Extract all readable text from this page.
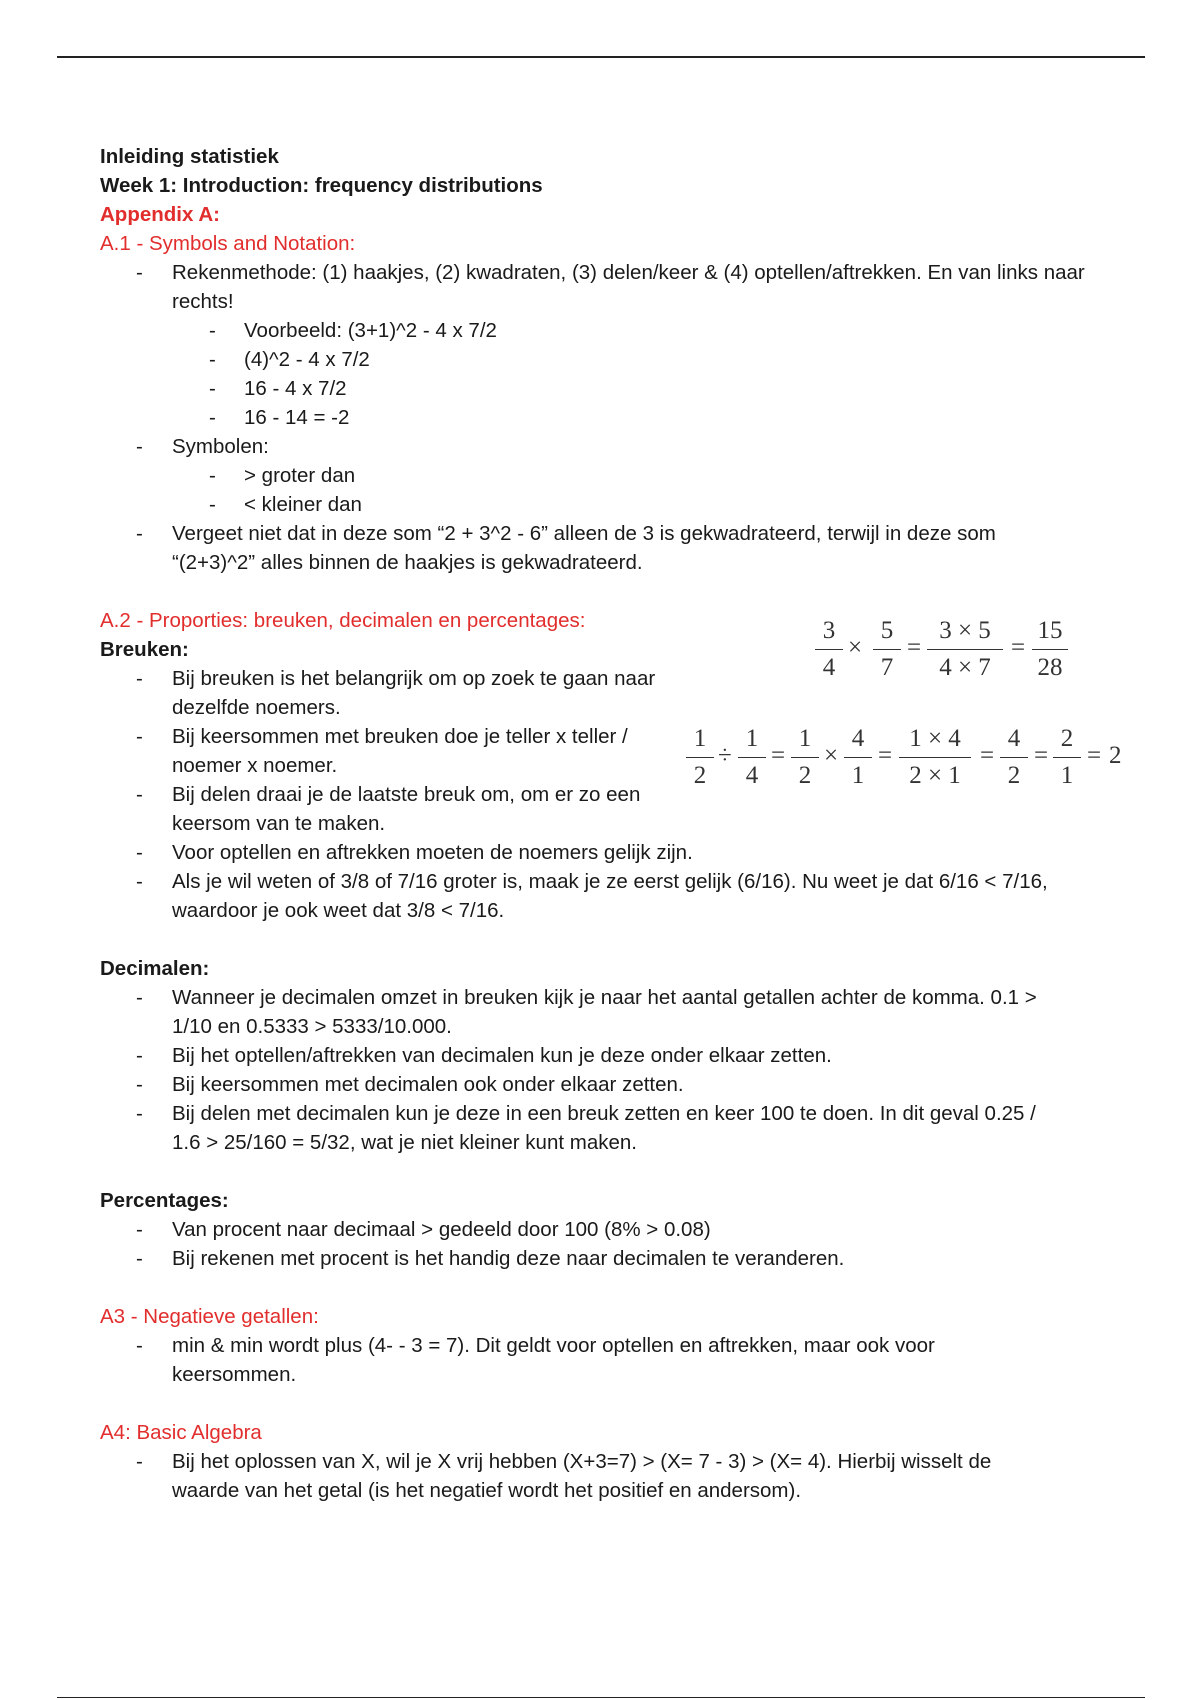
Inleiding statistiek
Week 1: Introduction: frequency distributions
Appendix A:
A.1 - Symbols and Notation:
- Rekenmethode: (1) haakjes, (2) kwadraten, (3) delen/keer & (4) optellen/aftrekken. En van links naar rechts!
- Voorbeeld: (3+1)^2 - 4 x 7/2
- (4)^2 - 4 x 7/2
- 16 - 4 x 7/2
- 16 - 14 = -2
- Symbolen:
- > groter dan
- < kleiner dan
- Vergeet niet dat in deze som “2 + 3^2 - 6” alleen de 3 is gekwadrateerd, terwijl in deze som “(2+3)^2” alles binnen de haakjes is gekwadrateerd.
A.2 - Proporties: breuken, decimalen en percentages:
Breuken:
- Bij breuken is het belangrijk om op zoek te gaan naar dezelfde noemers.
- Bij keersommen met breuken doe je teller x teller / noemer x noemer.
- Bij delen draai je de laatste breuk om, om er zo een keersom van te maken.
- Voor optellen en aftrekken moeten de noemers gelijk zijn.
- Als je wil weten of 3/8 of 7/16 groter is, maak je ze eerst gelijk (6/16). Nu weet je dat 6/16 < 7/16, waardoor je ook weet dat 3/8 < 7/16.
Decimalen:
- Wanneer je decimalen omzet in breuken kijk je naar het aantal getallen achter de komma. 0.1 > 1/10 en 0.5333 > 5333/10.000.
- Bij het optellen/aftrekken van decimalen kun je deze onder elkaar zetten.
- Bij keersommen met decimalen ook onder elkaar zetten.
- Bij delen met decimalen kun je deze in een breuk zetten en keer 100 te doen. In dit geval 0.25 / 1.6 > 25/160 = 5/32, wat je niet kleiner kunt maken.
Percentages:
- Van procent naar decimaal > gedeeld door 100 (8% > 0.08)
- Bij rekenen met procent is het handig deze naar decimalen te veranderen.
A3 - Negatieve getallen:
- min & min wordt plus (4- - 3 = 7). Dit geldt voor optellen en aftrekken, maar ook voor keersommen.
A4: Basic Algebra
- Bij het oplossen van X, wil je X vrij hebben (X+3=7) > (X= 7 - 3) > (X= 4). Hierbij wisselt de waarde van het getal (is het negatief wordt het positief en andersom).
3
4
×
5
7
=
3 × 5
4 × 7
=
15
28
1
2
÷
1
4
=
1
2
×
4
1
=
1 × 4
2 × 1
=
4
2
=
2
1
= 2
